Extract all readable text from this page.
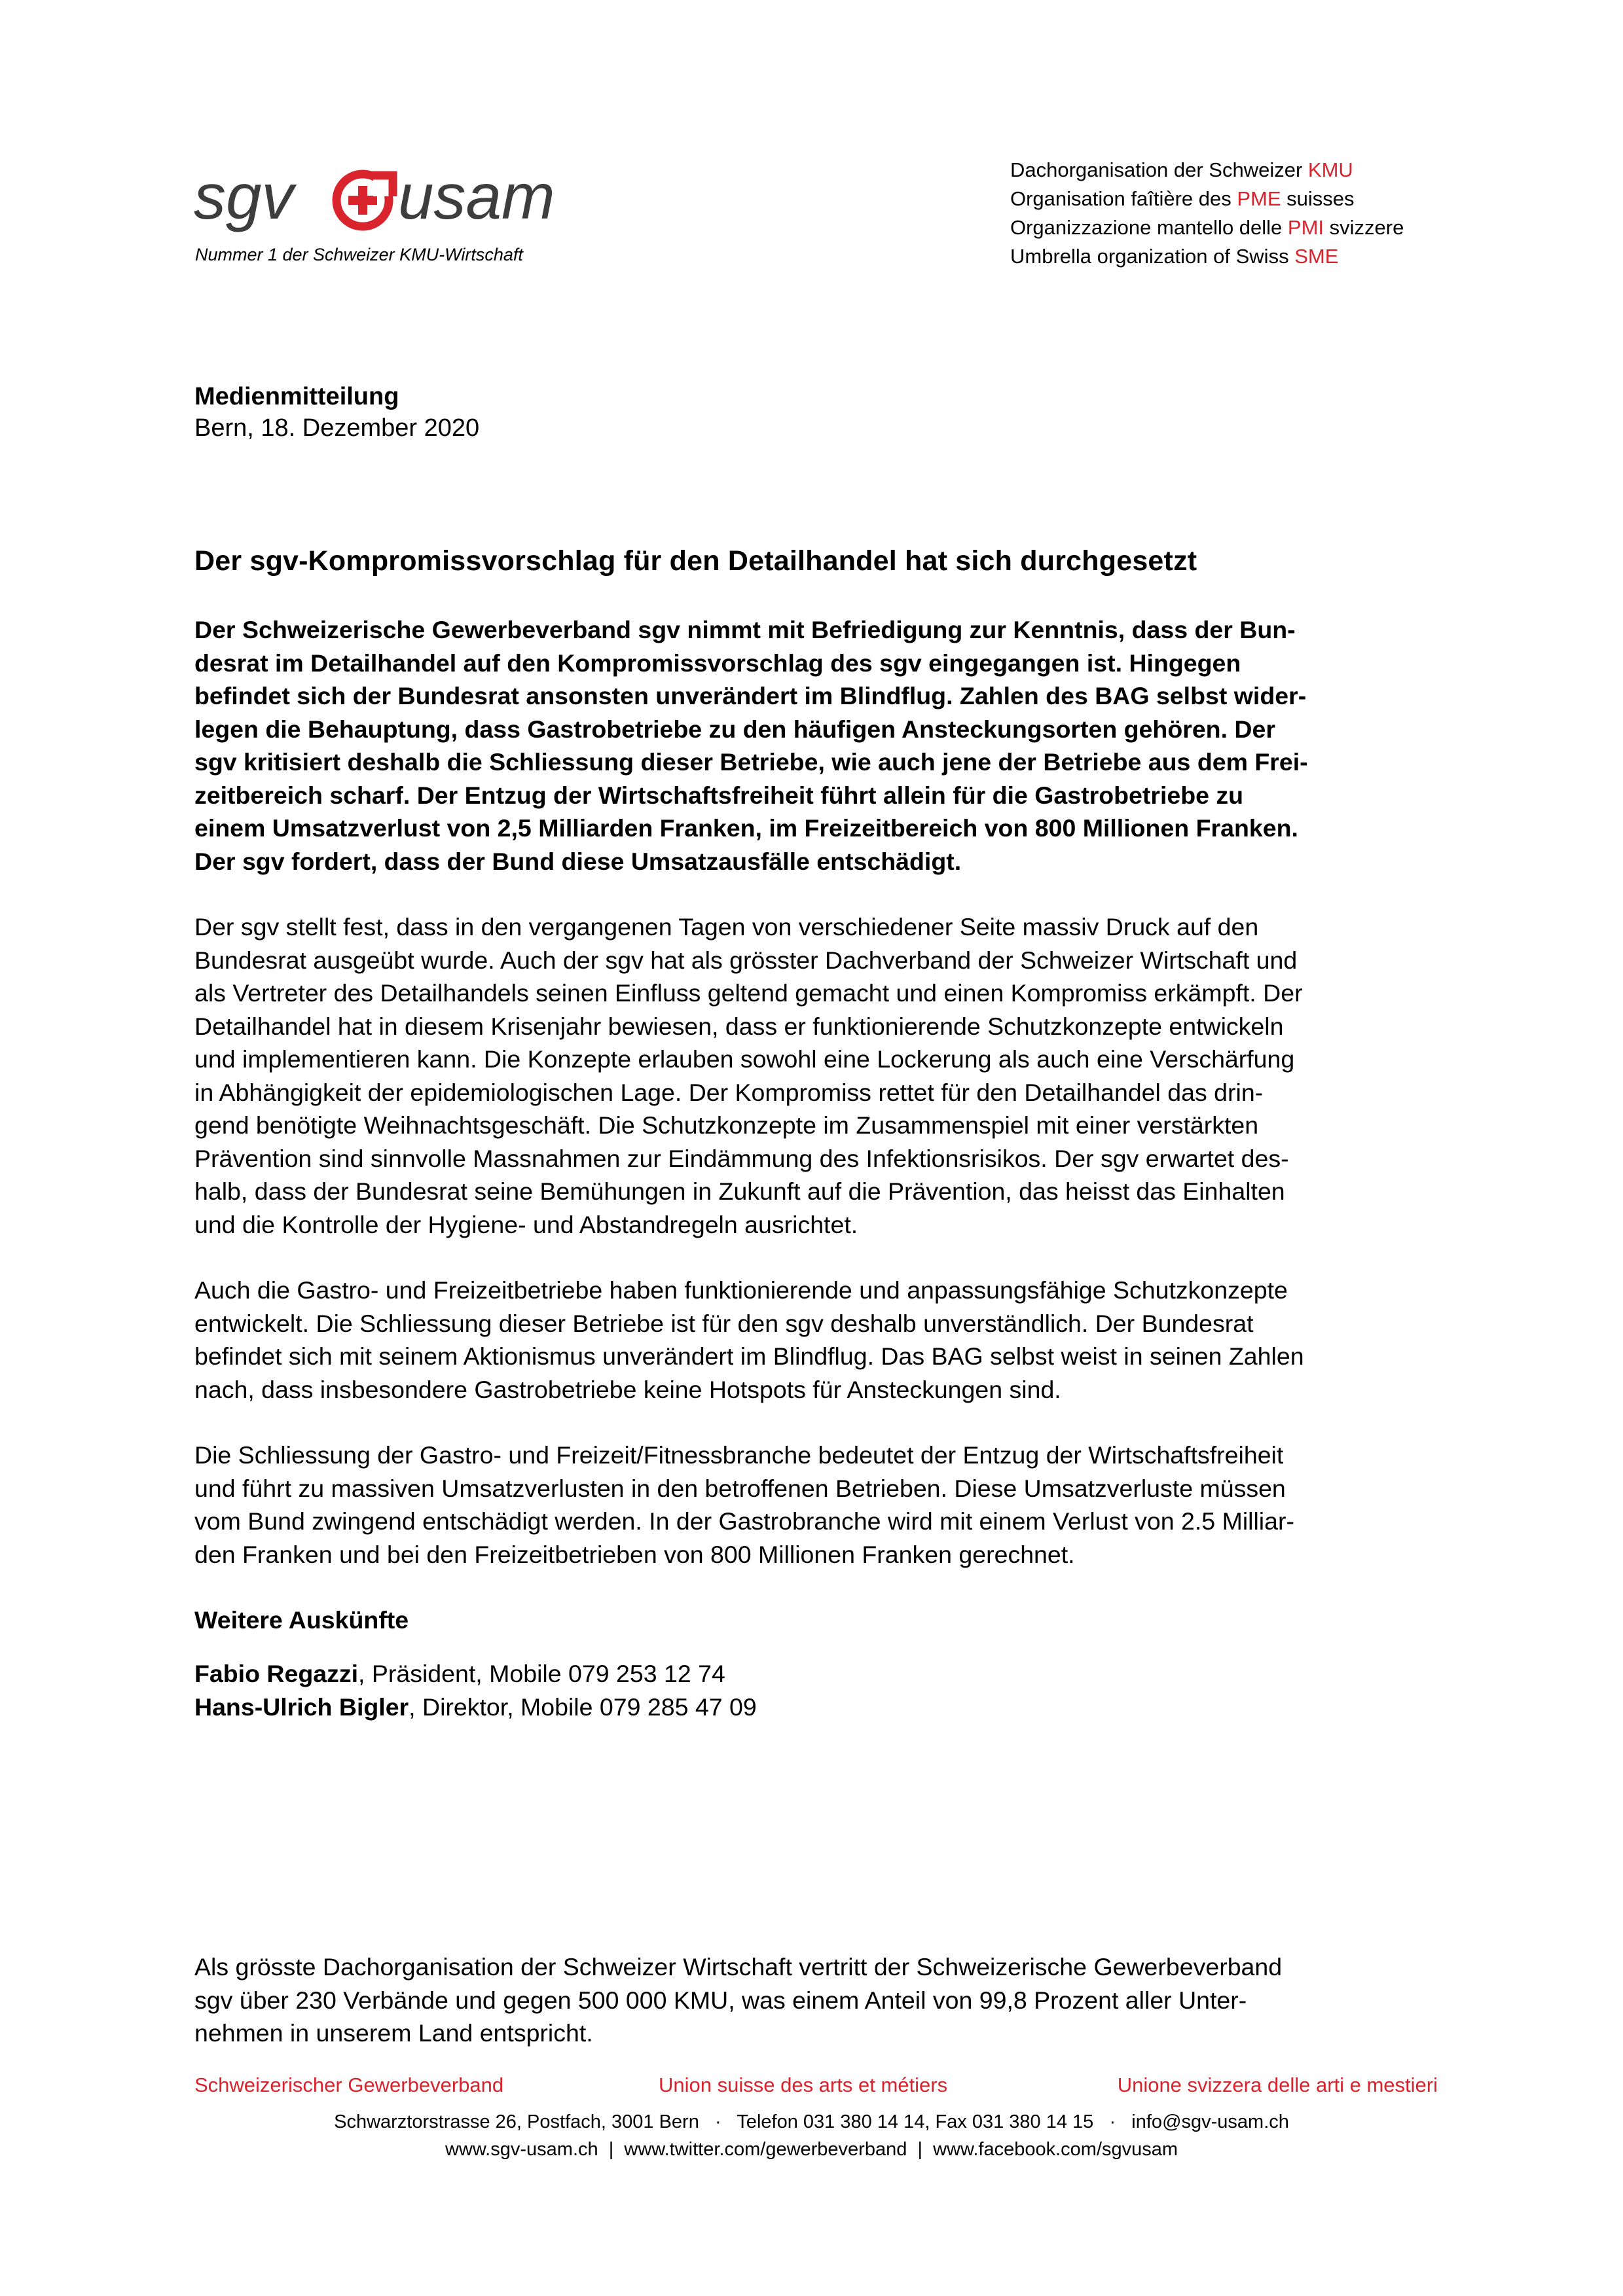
sgv usam
Nummer 1 der Schweizer KMU-Wirtschaft
Dachorganisation der Schweizer KMU
Organisation faîtière des PME suisses
Organizzazione mantello delle PMI svizzere
Umbrella organization of Swiss SME
Medienmitteilung
Bern, 18. Dezember 2020
Der sgv-Kompromissvorschlag für den Detailhandel hat sich durchgesetzt
Der Schweizerische Gewerbeverband sgv nimmt mit Befriedigung zur Kenntnis, dass der Bun-
desrat im Detailhandel auf den Kompromissvorschlag des sgv eingegangen ist. Hingegen
befindet sich der Bundesrat ansonsten unverändert im Blindflug. Zahlen des BAG selbst wider-
legen die Behauptung, dass Gastrobetriebe zu den häufigen Ansteckungsorten gehören. Der
sgv kritisiert deshalb die Schliessung dieser Betriebe, wie auch jene der Betriebe aus dem Frei-
zeitbereich scharf. Der Entzug der Wirtschaftsfreiheit führt allein für die Gastrobetriebe zu
einem Umsatzverlust von 2,5 Milliarden Franken, im Freizeitbereich von 800 Millionen Franken.
Der sgv fordert, dass der Bund diese Umsatzausfälle entschädigt.
Der sgv stellt fest, dass in den vergangenen Tagen von verschiedener Seite massiv Druck auf den
Bundesrat ausgeübt wurde. Auch der sgv hat als grösster Dachverband der Schweizer Wirtschaft und
als Vertreter des Detailhandels seinen Einfluss geltend gemacht und einen Kompromiss erkämpft. Der
Detailhandel hat in diesem Krisenjahr bewiesen, dass er funktionierende Schutzkonzepte entwickeln
und implementieren kann. Die Konzepte erlauben sowohl eine Lockerung als auch eine Verschärfung
in Abhängigkeit der epidemiologischen Lage. Der Kompromiss rettet für den Detailhandel das drin-
gend benötigte Weihnachtsgeschäft. Die Schutzkonzepte im Zusammenspiel mit einer verstärkten
Prävention sind sinnvolle Massnahmen zur Eindämmung des Infektionsrisikos. Der sgv erwartet des-
halb, dass der Bundesrat seine Bemühungen in Zukunft auf die Prävention, das heisst das Einhalten
und die Kontrolle der Hygiene- und Abstandregeln ausrichtet.
Auch die Gastro- und Freizeitbetriebe haben funktionierende und anpassungsfähige Schutzkonzepte
entwickelt. Die Schliessung dieser Betriebe ist für den sgv deshalb unverständlich. Der Bundesrat
befindet sich mit seinem Aktionismus unverändert im Blindflug. Das BAG selbst weist in seinen Zahlen
nach, dass insbesondere Gastrobetriebe keine Hotspots für Ansteckungen sind.
Die Schliessung der Gastro- und Freizeit/Fitnessbranche bedeutet der Entzug der Wirtschaftsfreiheit
und führt zu massiven Umsatzverlusten in den betroffenen Betrieben. Diese Umsatzverluste müssen
vom Bund zwingend entschädigt werden. In der Gastrobranche wird mit einem Verlust von 2.5 Milliar-
den Franken und bei den Freizeitbetrieben von 800 Millionen Franken gerechnet.
Weitere Auskünfte
Fabio Regazzi, Präsident, Mobile 079 253 12 74
Hans-Ulrich Bigler, Direktor, Mobile 079 285 47 09
Als grösste Dachorganisation der Schweizer Wirtschaft vertritt der Schweizerische Gewerbeverband
sgv über 230 Verbände und gegen 500 000 KMU, was einem Anteil von 99,8 Prozent aller Unter-
nehmen in unserem Land entspricht.
Schweizerischer Gewerbeverband	Union suisse des arts et métiers	Unione svizzera delle arti e mestieri
Schwarztorstrasse 26, Postfach, 3001 Bern   ·   Telefon 031 380 14 14, Fax 031 380 14 15   ·   info@sgv-usam.ch
www.sgv-usam.ch  |  www.twitter.com/gewerbeverband  |  www.facebook.com/sgvusam
